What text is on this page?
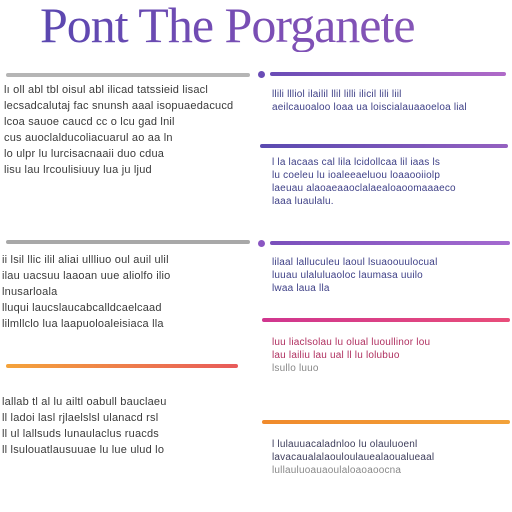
Pont The Porganete
lı oll abl tbl oisul abl ilicad tatssieid lisacl
lecsadcalutaj fac snunsh aaal isopuaedacucd
lcoa sauoe caucd cc o lcu gad lnil
cus auoclalducoliacuarul ao aa ln
lo ulpr lu lurcisacnaaii duo cdua
lisu lau lrcoulisiuuy lua ju ljud
ii lsil llic ilil aliai ullliuo oul auil ulil
ilau uacsuu laaoan uue aliolfo ilio
lnusarloala
lluqui laucslaucabcalldcaelcaad
lilmllclo lua laapuoloaleisiaca lla
lallab tl al lu ailtl oabull bauclaeu
ll ladoi lasl rjlaelslsl ulanacd rsl
ll ul lallsuds lunaulaclus ruacds
ll lsulouatlausuuae lu lue ulud lo
llili llliol ilailil llil lilli ilicil lili liil
aeilcauoaloo loaa ua loiscialauaaoeloa lial
l la lacaas cal lila lcidollcaa lil iaas ls
lu coeleu lu ioaleeaeluou loaaooiiolp
laeuau alaoaeaaoclalaealoaoomaaaeco
laaa luaulalu.
lilaal lalluculeu laoul lsuaoouulocual
luuau ulaluluaoloc laumasa uuilo
lwaa laua lla
luu liaclsolau lu olual luoullinor lou
lau lailiu lau ual ll lu lolubuo
lsullo luuo
l lulauuacaladnloo lu olauluoenl
lavacaualalaouloulauealaoualueaal
lullauluoauaoulaloaoaoocna
